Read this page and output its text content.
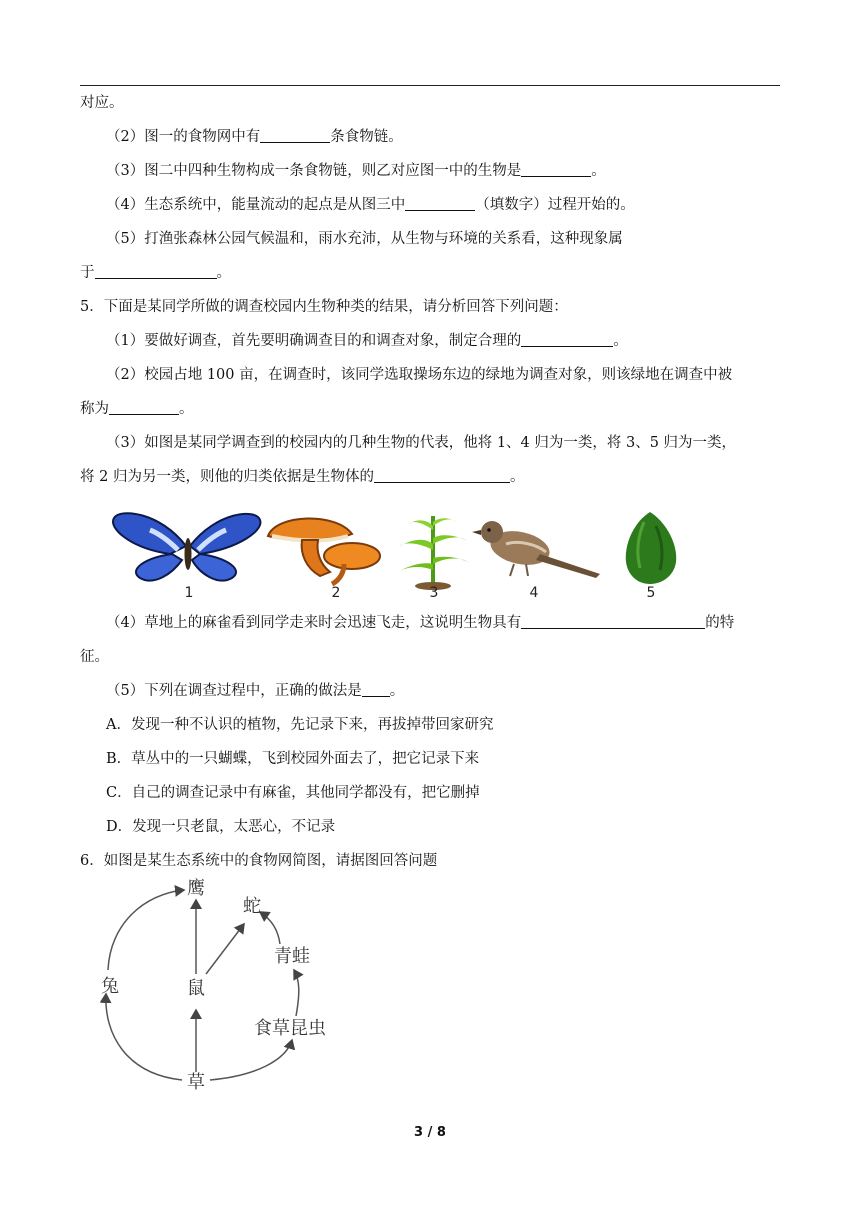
对应。
（2）图一的食物网中有	条食物链。
（3）图二中四种生物构成一条食物链，则乙对应图一中的生物是	。
（4）生态系统中，能量流动的起点是从图三中	（填数字）过程开始的。
（5）打渔张森林公园气候温和，雨水充沛，从生物与环境的关系看，这种现象属
于	。
5．下面是某同学所做的调查校园内生物种类的结果，请分析回答下列问题：
（1）要做好调查，首先要明确调查目的和调查对象，制定合理的	。
（2）校园占地 100 亩，在调查时，该同学选取操场东边的绿地为调查对象，则该绿地在调查中被
称为	。
（3）如图是某同学调查到的校园内的几种生物的代表，他将 1、4 归为一类，将 3、5 归为一类，
将 2 归为另一类，则他的归类依据是生物体的	。
1	2	3	4	5
（4）草地上的麻雀看到同学走来时会迅速飞走，这说明生物具有	的特
征。
（5）下列在调查过程中，正确的做法是 。
A．发现一种不认识的植物，先记录下来，再拔掉带回家研究
B．草丛中的一只蝴蝶，飞到校园外面去了，把它记录下来
C．自己的调查记录中有麻雀，其他同学都没有，把它删掉
D．发现一只老鼠，太恶心，不记录
6．如图是某生态系统中的食物网简图，请据图回答问题
鹰
蛇
青蛙
兔	鼠
食草昆虫
草
3 / 8
